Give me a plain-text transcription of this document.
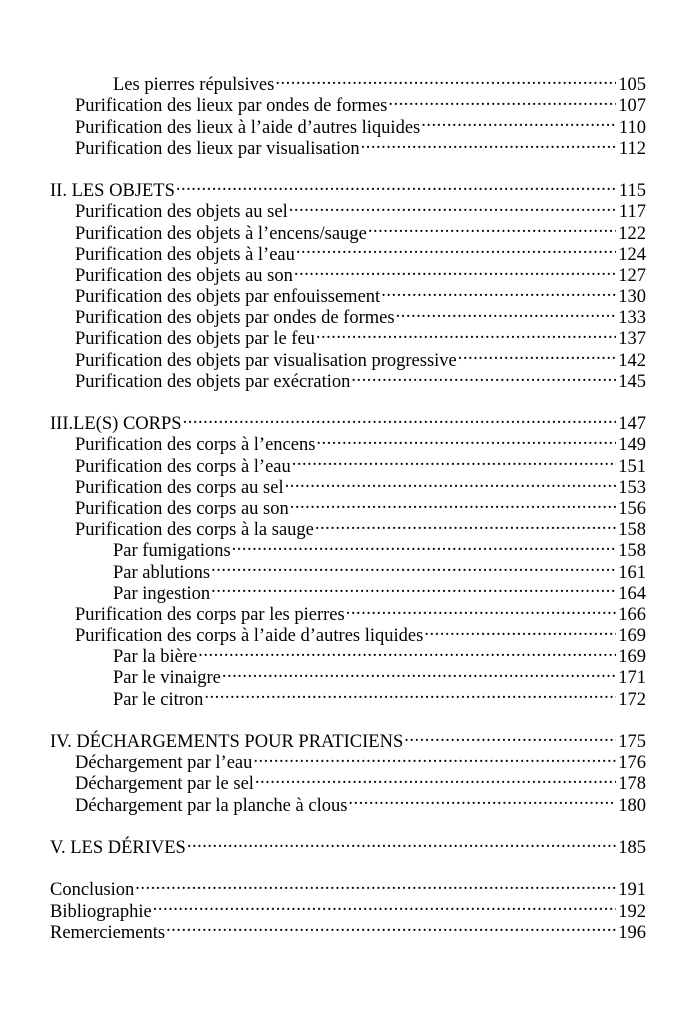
Les pierres répulsives .....	105
Purification des lieux par ondes de formes .....	107
Purification des lieux à l’aide d’autres liquides .....	110
Purification des lieux par visualisation .....	112
II. LES OBJETS .....	115
Purification des objets au sel .....	117
Purification des objets à l’encens/sauge .....	122
Purification des objets à l’eau .....	124
Purification des objets au son .....	127
Purification des objets par enfouissement .....	130
Purification des objets par ondes de formes .....	133
Purification des objets par le feu .....	137
Purification des objets par visualisation progressive .....	142
Purification des objets par exécration .....	145
III.LE(S) CORPS .....	147
Purification des corps à l’encens .....	149
Purification des corps à l’eau .....	151
Purification des corps au sel .....	153
Purification des corps au son .....	156
Purification des corps à la sauge .....	158
Par fumigations .....	158
Par ablutions .....	161
Par ingestion .....	164
Purification des corps par les pierres .....	166
Purification des corps à l’aide d’autres liquides .....	169
Par la bière .....	169
Par le vinaigre .....	171
Par le citron .....	172
IV. DÉCHARGEMENTS POUR PRATICIENS .....	175
Déchargement par l’eau .....	176
Déchargement par le sel .....	178
Déchargement par la planche à clous .....	180
V. LES DÉRIVES .....	185
Conclusion .....	191
Bibliographie .....	192
Remerciements .....	196
